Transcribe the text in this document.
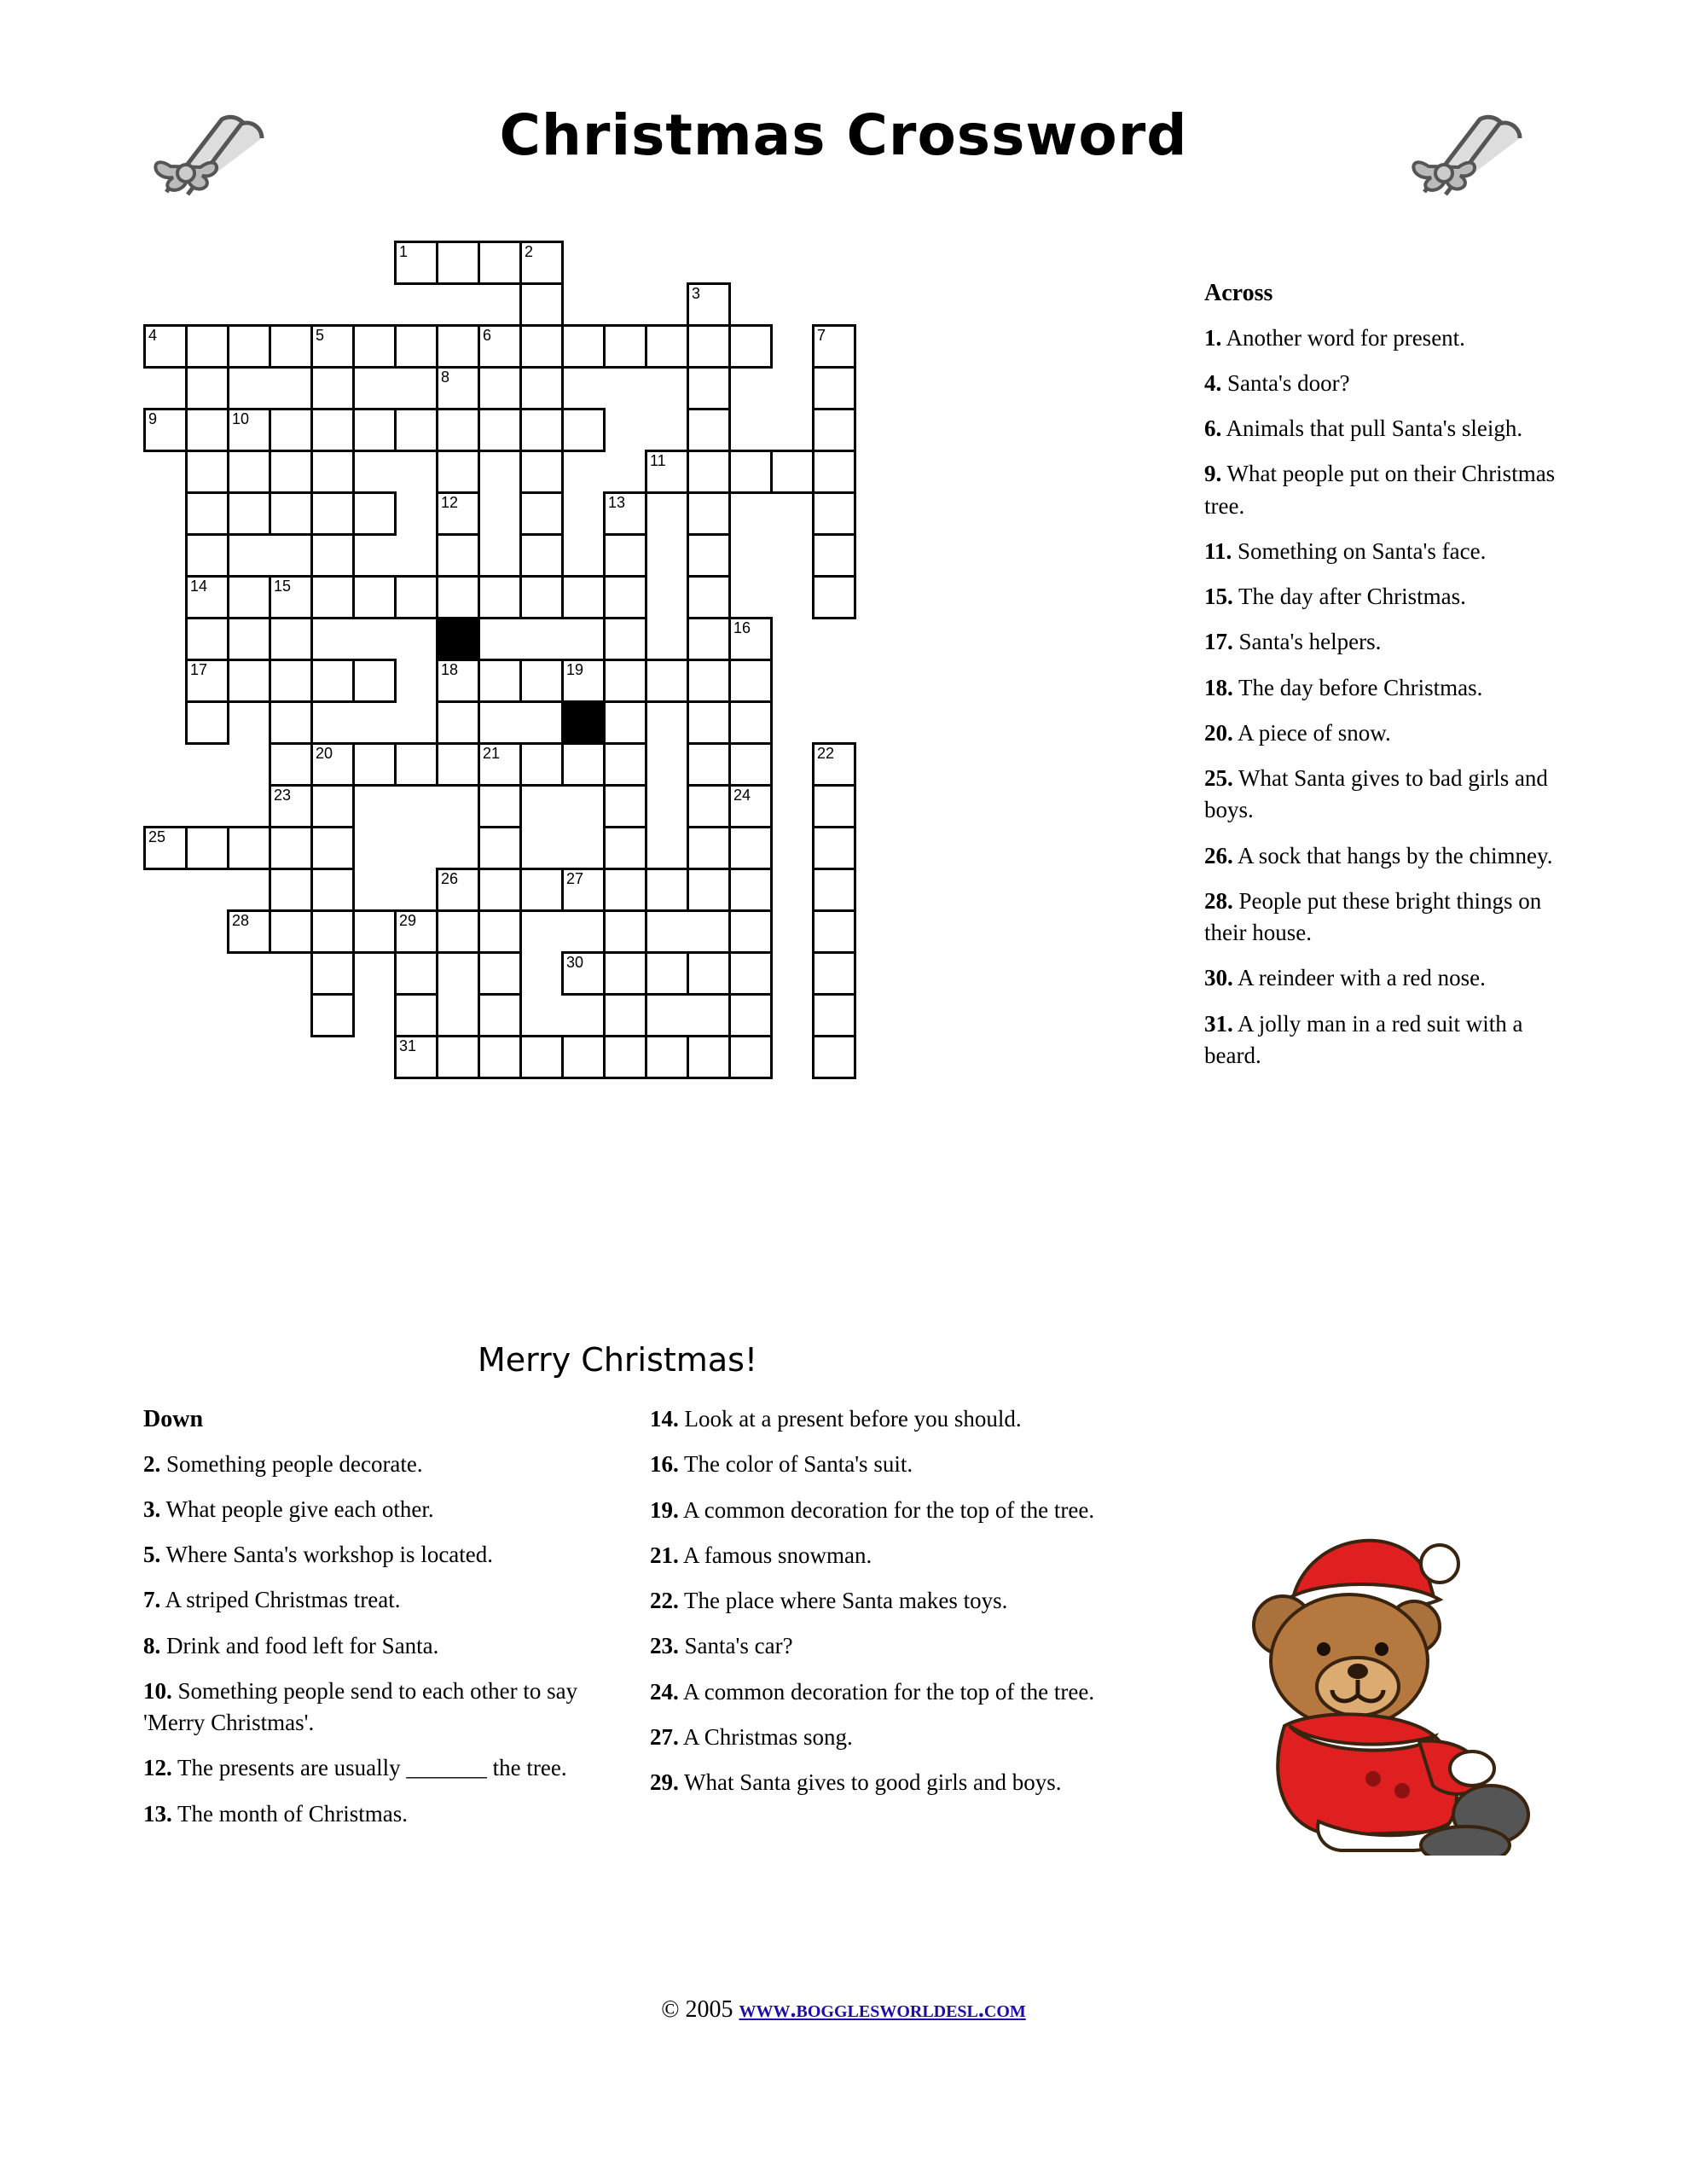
Christmas Crossword
1	2
3
4	5	6	7
8
9	10
11
12	13
14	15
16
17	18	19
20	21	22
23	24
25
26	27
28	29
30
31
Merry Christmas!
Across
1. Another word for present.
4. Santa's door?
6. Animals that pull Santa's sleigh.
9. What people put on their Christmas tree.
11. Something on Santa's face.
15. The day after Christmas.
17. Santa's helpers.
18. The day before Christmas.
20. A piece of snow.
25. What Santa gives to bad girls and boys.
26. A sock that hangs by the chimney.
28. People put these bright things on their house.
30. A reindeer with a red nose.
31. A jolly man in a red suit with a beard.
Down
2. Something people decorate.
3. What people give each other.
5. Where Santa's workshop is located.
7. A striped Christmas treat.
8. Drink and food left for Santa.
10. Something people send to each other to say 'Merry Christmas'.
12. The presents are usually _______ the tree.
13. The month of Christmas.
14. Look at a present before you should.
16. The color of Santa's suit.
19. A common decoration for the top of the tree.
21. A famous snowman.
22. The place where Santa makes toys.
23. Santa's car?
24. A common decoration for the top of the tree.
27. A Christmas song.
29. What Santa gives to good girls and boys.
© 2005 www.bogglesworldesl.com
